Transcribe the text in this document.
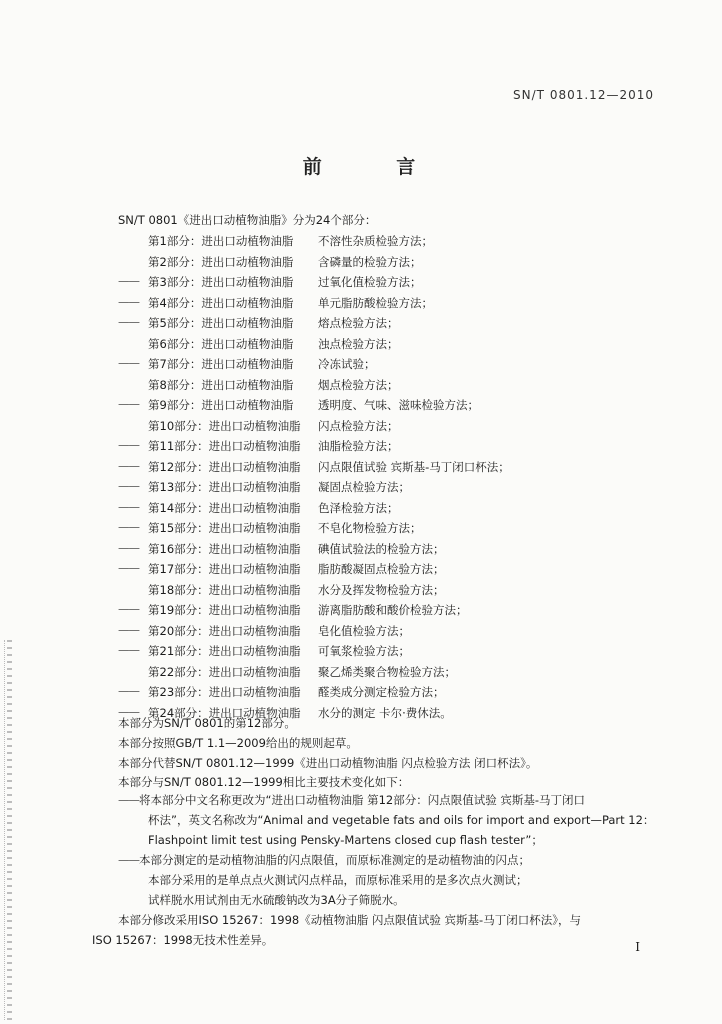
SN/T 0801.12—2010
前 言
SN/T 0801《进出口动植物油脂》分为24个部分：
第1部分：进出口动植物油脂 不溶性杂质检验方法；
第2部分：进出口动植物油脂 含磷量的检验方法；
—— 第3部分：进出口动植物油脂 过氧化值检验方法；
—— 第4部分：进出口动植物油脂 单元脂肪酸检验方法；
—— 第5部分：进出口动植物油脂 熔点检验方法；
第6部分：进出口动植物油脂 浊点检验方法；
—— 第7部分：进出口动植物油脂 冷冻试验；
第8部分：进出口动植物油脂 烟点检验方法；
—— 第9部分：进出口动植物油脂 透明度、气味、滋味检验方法；
第10部分：进出口动植物油脂 闪点检验方法；
—— 第11部分：进出口动植物油脂 油脂检验方法；
—— 第12部分：进出口动植物油脂 闪点限值试验 宾斯基-马丁闭口杯法；
—— 第13部分：进出口动植物油脂 凝固点检验方法；
—— 第14部分：进出口动植物油脂 色泽检验方法；
—— 第15部分：进出口动植物油脂 不皂化物检验方法；
—— 第16部分：进出口动植物油脂 碘值试验法的检验方法；
—— 第17部分：进出口动植物油脂 脂肪酸凝固点检验方法；
第18部分：进出口动植物油脂 水分及挥发物检验方法；
—— 第19部分：进出口动植物油脂 游离脂肪酸和酸价检验方法；
—— 第20部分：进出口动植物油脂 皂化值检验方法；
—— 第21部分：进出口动植物油脂 可氧浆检验方法；
第22部分：进出口动植物油脂 聚乙烯类聚合物检验方法；
—— 第23部分：进出口动植物油脂 醛类成分测定检验方法；
—— 第24部分：进出口动植物油脂 水分的测定 卡尔·费休法。
本部分为SN/T 0801的第12部分。
本部分按照GB/T 1.1—2009给出的规则起草。
本部分代替SN/T 0801.12—1999《进出口动植物油脂 闪点检验方法 闭口杯法》。
本部分与SN/T 0801.12—1999相比主要技术变化如下：
——将本部分中文名称更改为“进出口动植物油脂 第12部分：闪点限值试验 宾斯基-马丁闭口
杯法”，英文名称改为“Animal and vegetable fats and oils for import and export—Part 12：
Flashpoint limit test using Pensky-Martens closed cup flash tester”；
——本部分测定的是动植物油脂的闪点限值，而原标准测定的是动植物油的闪点；
本部分采用的是单点点火测试闪点样品，而原标准采用的是多次点火测试；
试样脱水用试剂由无水硫酸钠改为3A分子筛脱水。
本部分修改采用ISO 15267：1998《动植物油脂 闪点限值试验 宾斯基-马丁闭口杯法》，与
ISO 15267：1998无技术性差异。	I
